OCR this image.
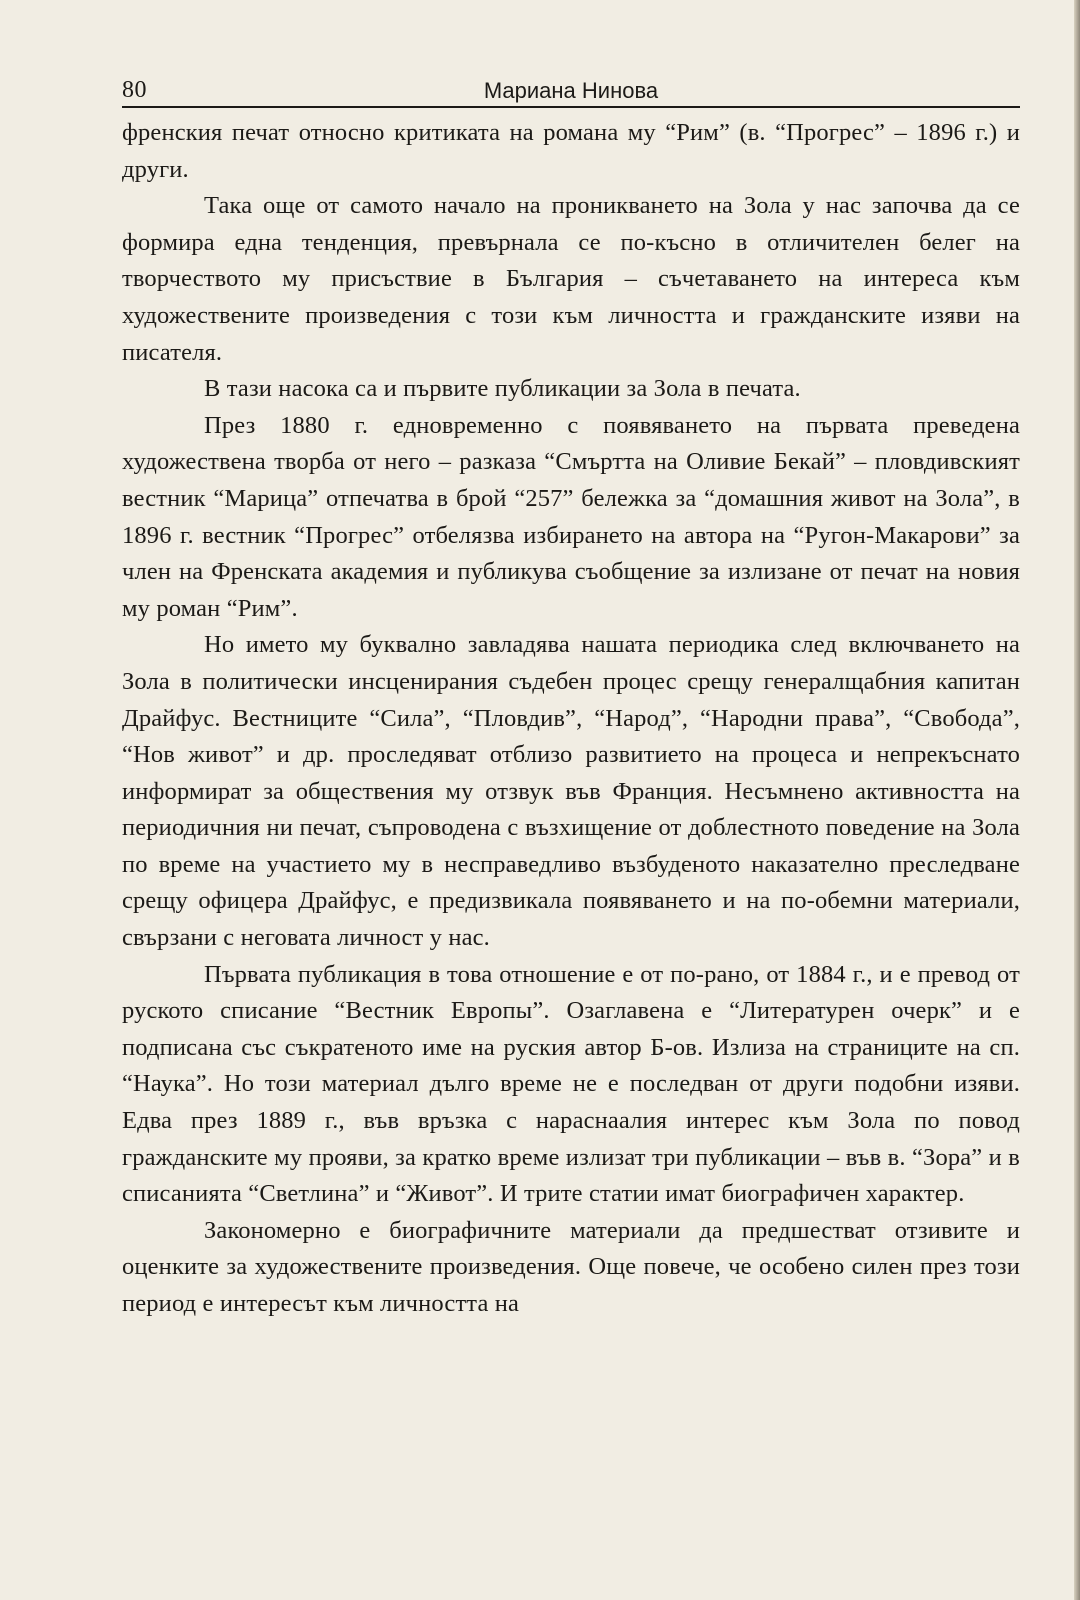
80	Мариана Нинова

френския печат относно критиката на романа му “Рим” (в. “Прогрес” – 1896 г.) и други.

Така още от самото начало на проникването на Зола у нас започва да се формира една тенденция, превърнала се по-късно в отличителен белег на творчеството му присъствие в България – съчетаването на интереса към художествените произведения с този към личността и гражданските изяви на писателя.

В тази насока са и първите публикации за Зола в печата.

През 1880 г. едновременно с появяването на първата преведена художествена творба от него – разказа “Смъртта на Оливие Бекай” – пловдивският вестник “Марица” отпечатва в брой “257” бележка за “домашния живот на Зола”, в 1896 г. вестник “Прогрес” отбелязва избирането на автора на “Ругон-Макарови” за член на Френската академия и публикува съобщение за излизане от печат на новия му роман “Рим”.

Но името му буквално завладява нашата периодика след включването на Зола в политически инсценирания съдебен процес срещу генералщабния капитан Драйфус. Вестниците “Сила”, “Пловдив”, “Народ”, “Народни права”, “Свобода”, “Нов живот” и др. проследяват отблизо развитието на процеса и непрекъснато информират за обществения му отзвук във Франция. Несъмнено активността на периодичния ни печат, съпроводена с възхищение от доблестното поведение на Зола по време на участието му в несправедливо възбуденото наказателно преследване срещу офицера Драйфус, е предизвикала появяването и на по-обемни материали, свързани с неговата личност у нас.

Първата публикация в това отношение е от по-рано, от 1884 г., и е превод от руското списание “Вестник Европы”. Озаглавена е “Литературен очерк” и е подписана със съкратеното име на руския автор Б-ов. Излиза на страниците на сп. “Наука”. Но този материал дълго време не е последван от други подобни изяви. Едва през 1889 г., във връзка с нараснаалия интерес към Зола по повод гражданските му прояви, за кратко време излизат три публикации – във в. “Зора” и в списанията “Светлина” и “Живот”. И трите статии имат биографичен характер.

Закономерно е биографичните материали да предшестват отзивите и оценките за художествените произведения. Още повече, че особено силен през този период е интересът към личността на
